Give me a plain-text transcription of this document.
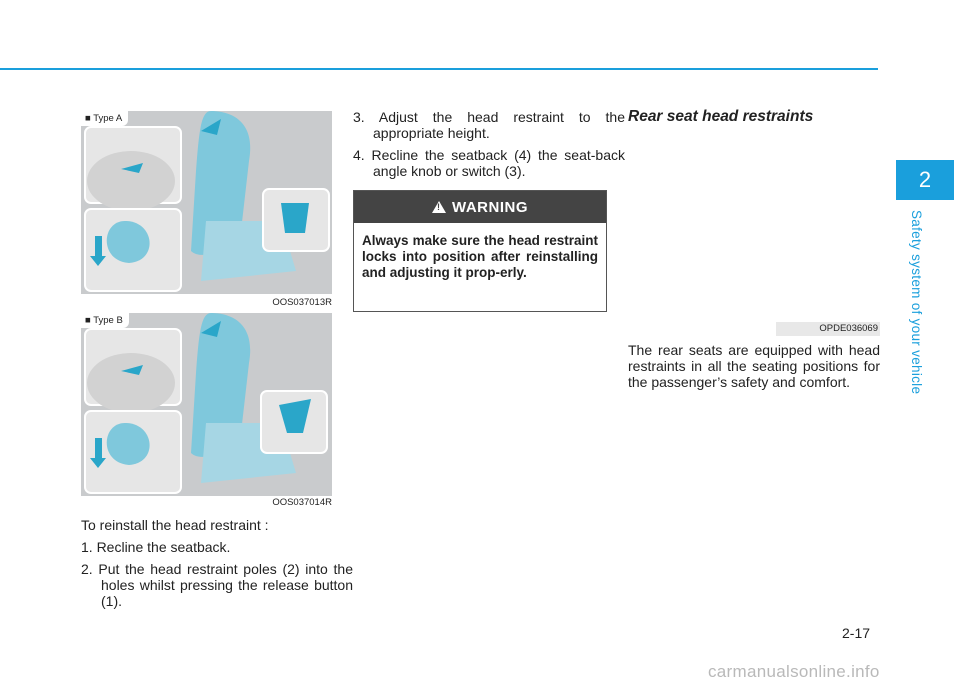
2
Safety system of your vehicle
■ Type A
OOS037013R
■ Type B
OOS037014R
To reinstall the head restraint :
1. Recline the seatback.
2. Put the head restraint poles (2) into the holes whilst pressing the release button (1).
3. Adjust the head restraint to the appropriate height.
4. Recline the seatback (4) the seat-back angle knob or switch (3).
!
WARNING
Always make sure the head restraint locks into position after reinstalling and adjusting it prop-erly.
Rear seat head restraints
OPDE036069
The rear seats are equipped with head restraints in all the seating positions for the passenger’s safety and comfort.
2-17
carmanualsonline.info
